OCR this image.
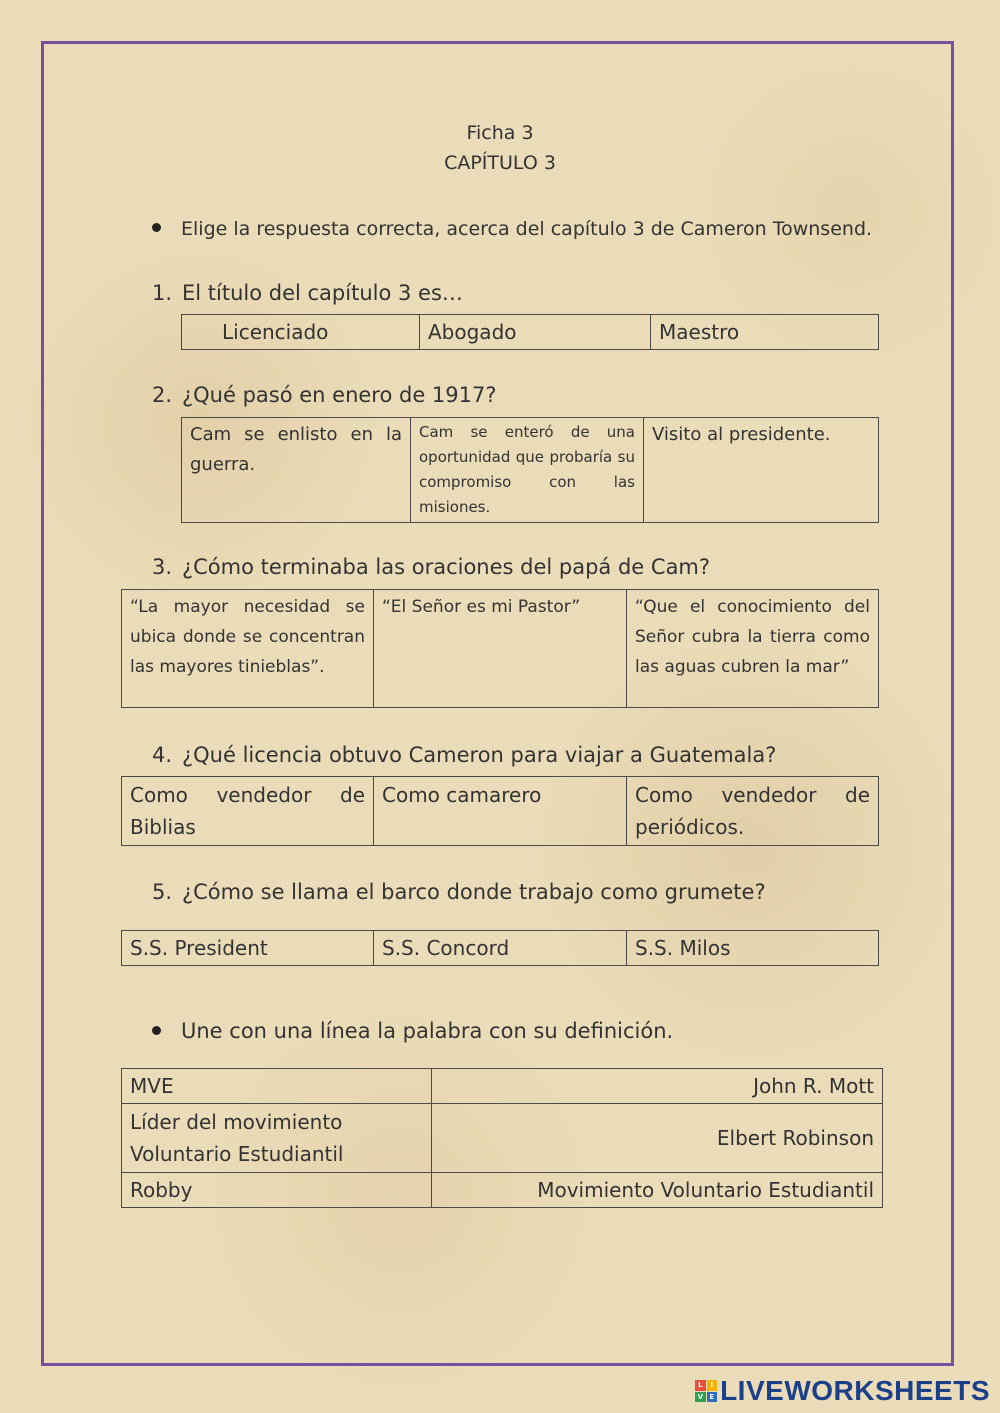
Ficha 3
CAPÍTULO 3
Elige la respuesta correcta, acerca del capítulo 3 de Cameron Townsend.
1. El título del capítulo 3 es…
Licenciado	Abogado	Maestro
2. ¿Qué pasó en enero de 1917?
Cam se enlisto en la guerra.	Cam se enteró de una oportunidad que probaría su compromiso con las misiones.	Visito al presidente.
3. ¿Cómo terminaba las oraciones del papá de Cam?
“La mayor necesidad se ubica donde se concentran las mayores tinieblas”.	“El Señor es mi Pastor”	“Que el conocimiento del Señor cubra la tierra como las aguas cubren la mar”
4. ¿Qué licencia obtuvo Cameron para viajar a Guatemala?
Como vendedor de Biblias	Como camarero	Como vendedor de periódicos.
5. ¿Cómo se llama el barco donde trabajo como grumete?
S.S. President	S.S. Concord	S.S. Milos
Une con una línea la palabra con su definición.
MVE	John R. Mott
Líder del movimiento Voluntario Estudiantil	Elbert Robinson
Robby	Movimiento Voluntario Estudiantil
L	I
V E LIVEWORKSHEETS
